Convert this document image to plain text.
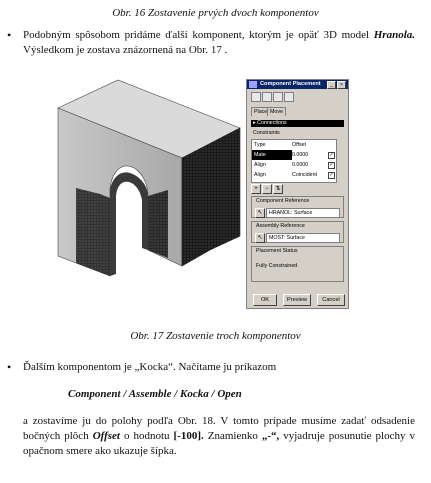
Obr. 16 Zostavenie prvých dvoch komponentov
• Podobným spôsobom pridáme ďalší komponent, ktorým je opäť 3D model Hranola. Výsledkom je zostava znázornená na Obr. 17 .
Component Placement	_	×
Place Move
▸ Connections
Constraints
Type	Offset
Mate	0.0000	✓
Align	0.0000	✓
Align	Coincident	✓
+	−	⇅
Component Reference
↖	HRANOL: Surface
Assembly Reference
↖	MOST: Surface
Placement Status
Fully Constrained
OK	Preview	Cancel
Obr. 17 Zostavenie troch komponentov
• Ďalším komponentom je „Kocka“. Načítame ju príkazom
Component / Assemble / Kocka / Open
a zostavíme ju do polohy podľa Obr. 18. V tomto prípade musíme zadať odsadenie bočných plôch Offset o hodnotu [-100]. Znamienko „-“, vyjadruje posunutie plochy v opačnom smere ako ukazuje šípka.
